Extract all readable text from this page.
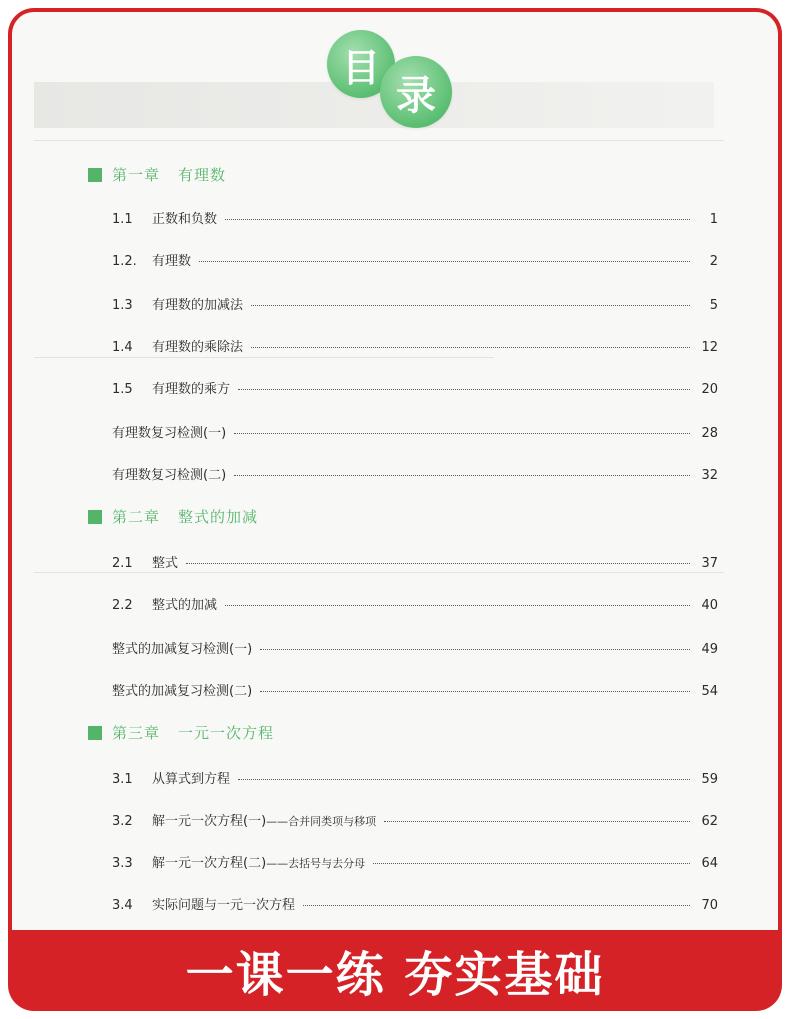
目
录
第一章 有理数
1.1	正数和负数	1
1.2.	有理数	2
1.3	有理数的加减法	5
1.4	有理数的乘除法	12
1.5	有理数的乘方	20
有理数复习检测(一)	28
有理数复习检测(二)	32
第二章 整式的加减
2.1	整式	37
2.2	整式的加减	40
整式的加减复习检测(一)	49
整式的加减复习检测(二)	54
第三章 一元一次方程
3.1	从算式到方程	59
3.2	解一元一次方程(一) ——合并同类项与移项	62
3.3	解一元一次方程(二) ——去括号与去分母	64
3.4	实际问题与一元一次方程	70
一课一练 夯实基础
